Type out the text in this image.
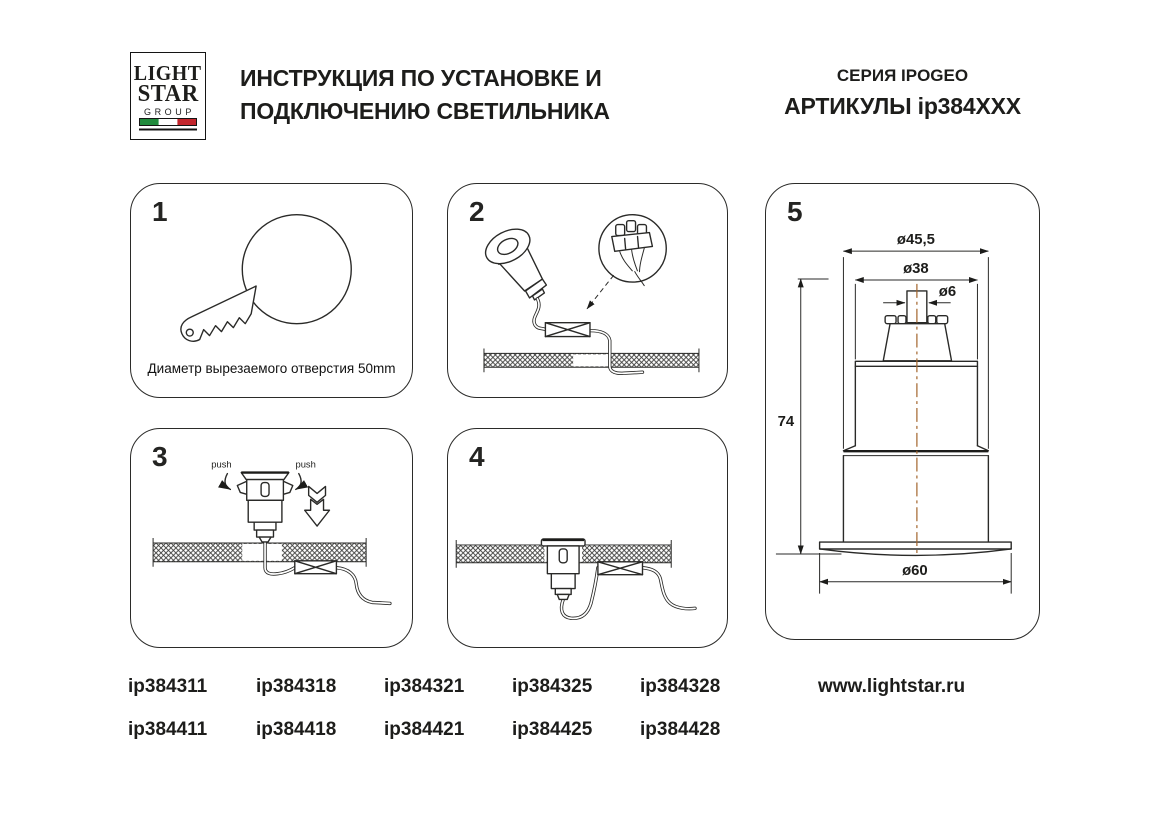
LIGHT
STAR
GROUP
ИНСТРУКЦИЯ ПО УСТАНОВКЕ И
ПОДКЛЮЧЕНИЮ СВЕТИЛЬНИКА
СЕРИЯ IPOGEO
АРТИКУЛЫ ip384XXX
1
Диаметр вырезаемого отверстия 50mm
2
3	push	push	4
5
ø45,5
ø38
ø6
74
ø60
ip384311	ip384318	ip384321	ip384325	ip384328
ip384411	ip384418	ip384421	ip384425	ip384428
www.lightstar.ru
